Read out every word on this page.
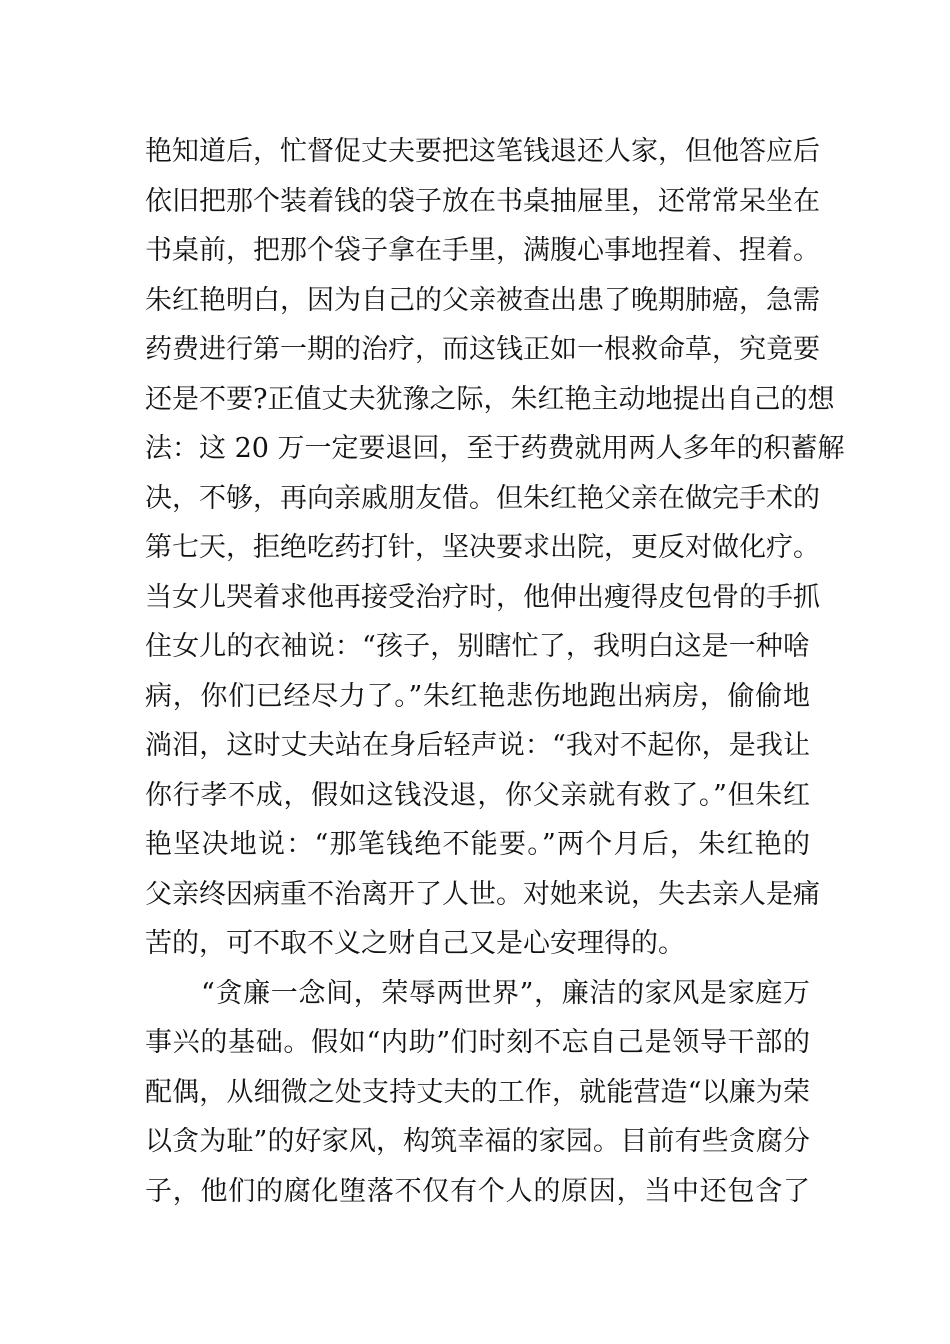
艳知道后，忙督促丈夫要把这笔钱退还人家，但他答应后
依旧把那个装着钱的袋子放在书桌抽屉里，还常常呆坐在
书桌前，把那个袋子拿在手里，满腹心事地捏着、捏着。
朱红艳明白，因为自己的父亲被查出患了晚期肺癌，急需
药费进行第一期的治疗，而这钱正如一根救命草，究竟要
还是不要?正值丈夫犹豫之际，朱红艳主动地提出自己的想
法：这 20 万一定要退回，至于药费就用两人多年的积蓄解
决，不够，再向亲戚朋友借。但朱红艳父亲在做完手术的
第七天，拒绝吃药打针，坚决要求出院，更反对做化疗。
当女儿哭着求他再接受治疗时，他伸出瘦得皮包骨的手抓
住女儿的衣袖说：“孩子，别瞎忙了，我明白这是一种啥
病，你们已经尽力了。”朱红艳悲伤地跑出病房，偷偷地
淌泪，这时丈夫站在身后轻声说：“我对不起你，是我让
你行孝不成，假如这钱没退，你父亲就有救了。”但朱红
艳坚决地说：“那笔钱绝不能要。”两个月后，朱红艳的
父亲终因病重不治离开了人世。对她来说，失去亲人是痛
苦的，可不取不义之财自己又是心安理得的。
“贪廉一念间，荣辱两世界”，廉洁的家风是家庭万
事兴的基础。假如“内助”们时刻不忘自己是领导干部的
配偶，从细微之处支持丈夫的工作，就能营造“以廉为荣
以贪为耻”的好家风，构筑幸福的家园。目前有些贪腐分
子，他们的腐化堕落不仅有个人的原因，当中还包含了
